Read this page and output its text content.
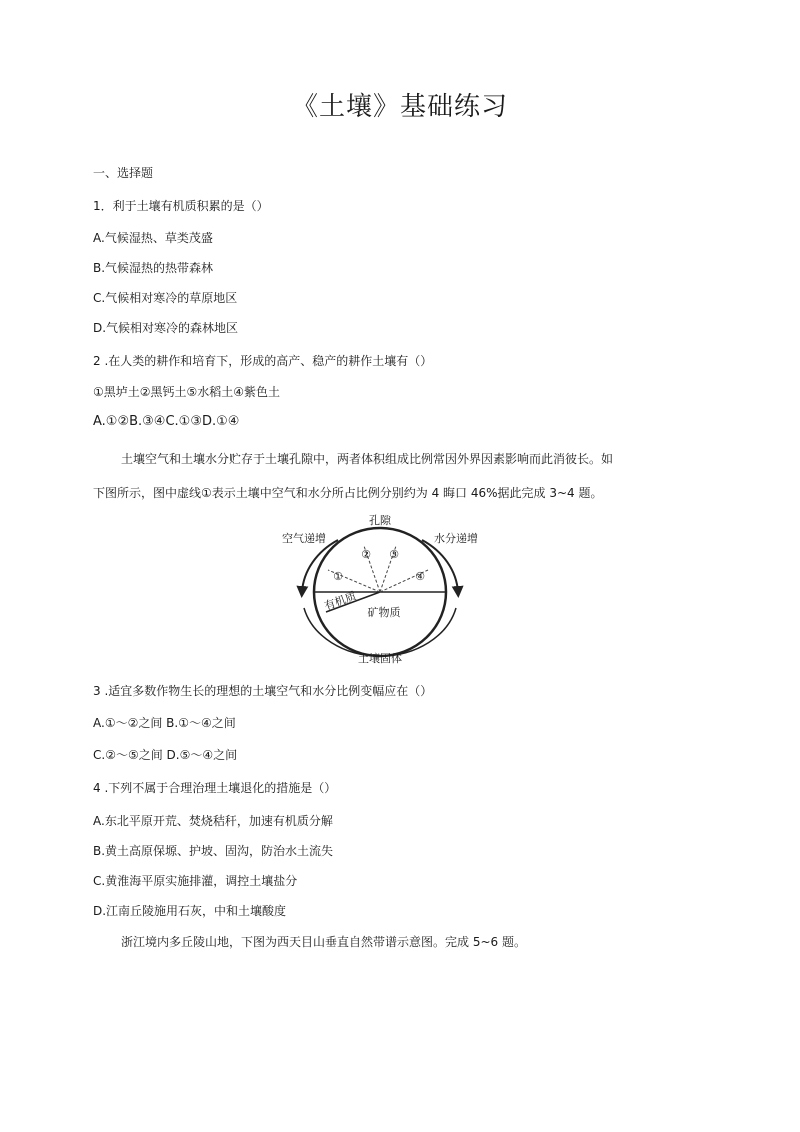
《土壤》基础练习
一、选择题
1．利于土壤有机质积累的是（）
A.气候湿热、草类茂盛
B.气候湿热的热带森林
C.气候相对寒冷的草原地区
D.气候相对寒冷的森林地区
2 .在人类的耕作和培育下，形成的高产、稳产的耕作土壤有（）
①黑垆土②黑钙土⑤水稻土④紫色土
A.①②B.③④C.①③D.①④
土壤空气和土壤水分贮存于土壤孔隙中，两者体积组成比例常因外界因素影响而此消彼长。如下图所示，图中虚线①表示土壤中空气和水分所占比例分别约为 4 晦口 46%据此完成 3~4 题。
孔隙
空气递增	水分递增
①
② ③
④
有机质 矿物质
土壤固体
3 .适宜多数作物生长的理想的土壤空气和水分比例变幅应在（）
A.①～②之间 B.①～④之间
C.②～⑤之间 D.⑤～④之间
4 .下列不属于合理治理土壤退化的措施是（）
A.东北平原开荒、焚烧秸秆，加速有机质分解
B.黄土高原保塬、护坡、固沟，防治水土流失
C.黄淮海平原实施排灌，调控土壤盐分
D.江南丘陵施用石灰，中和土壤酸度
浙江境内多丘陵山地，下图为西天目山垂直自然带谱示意图。完成 5~6 题。
